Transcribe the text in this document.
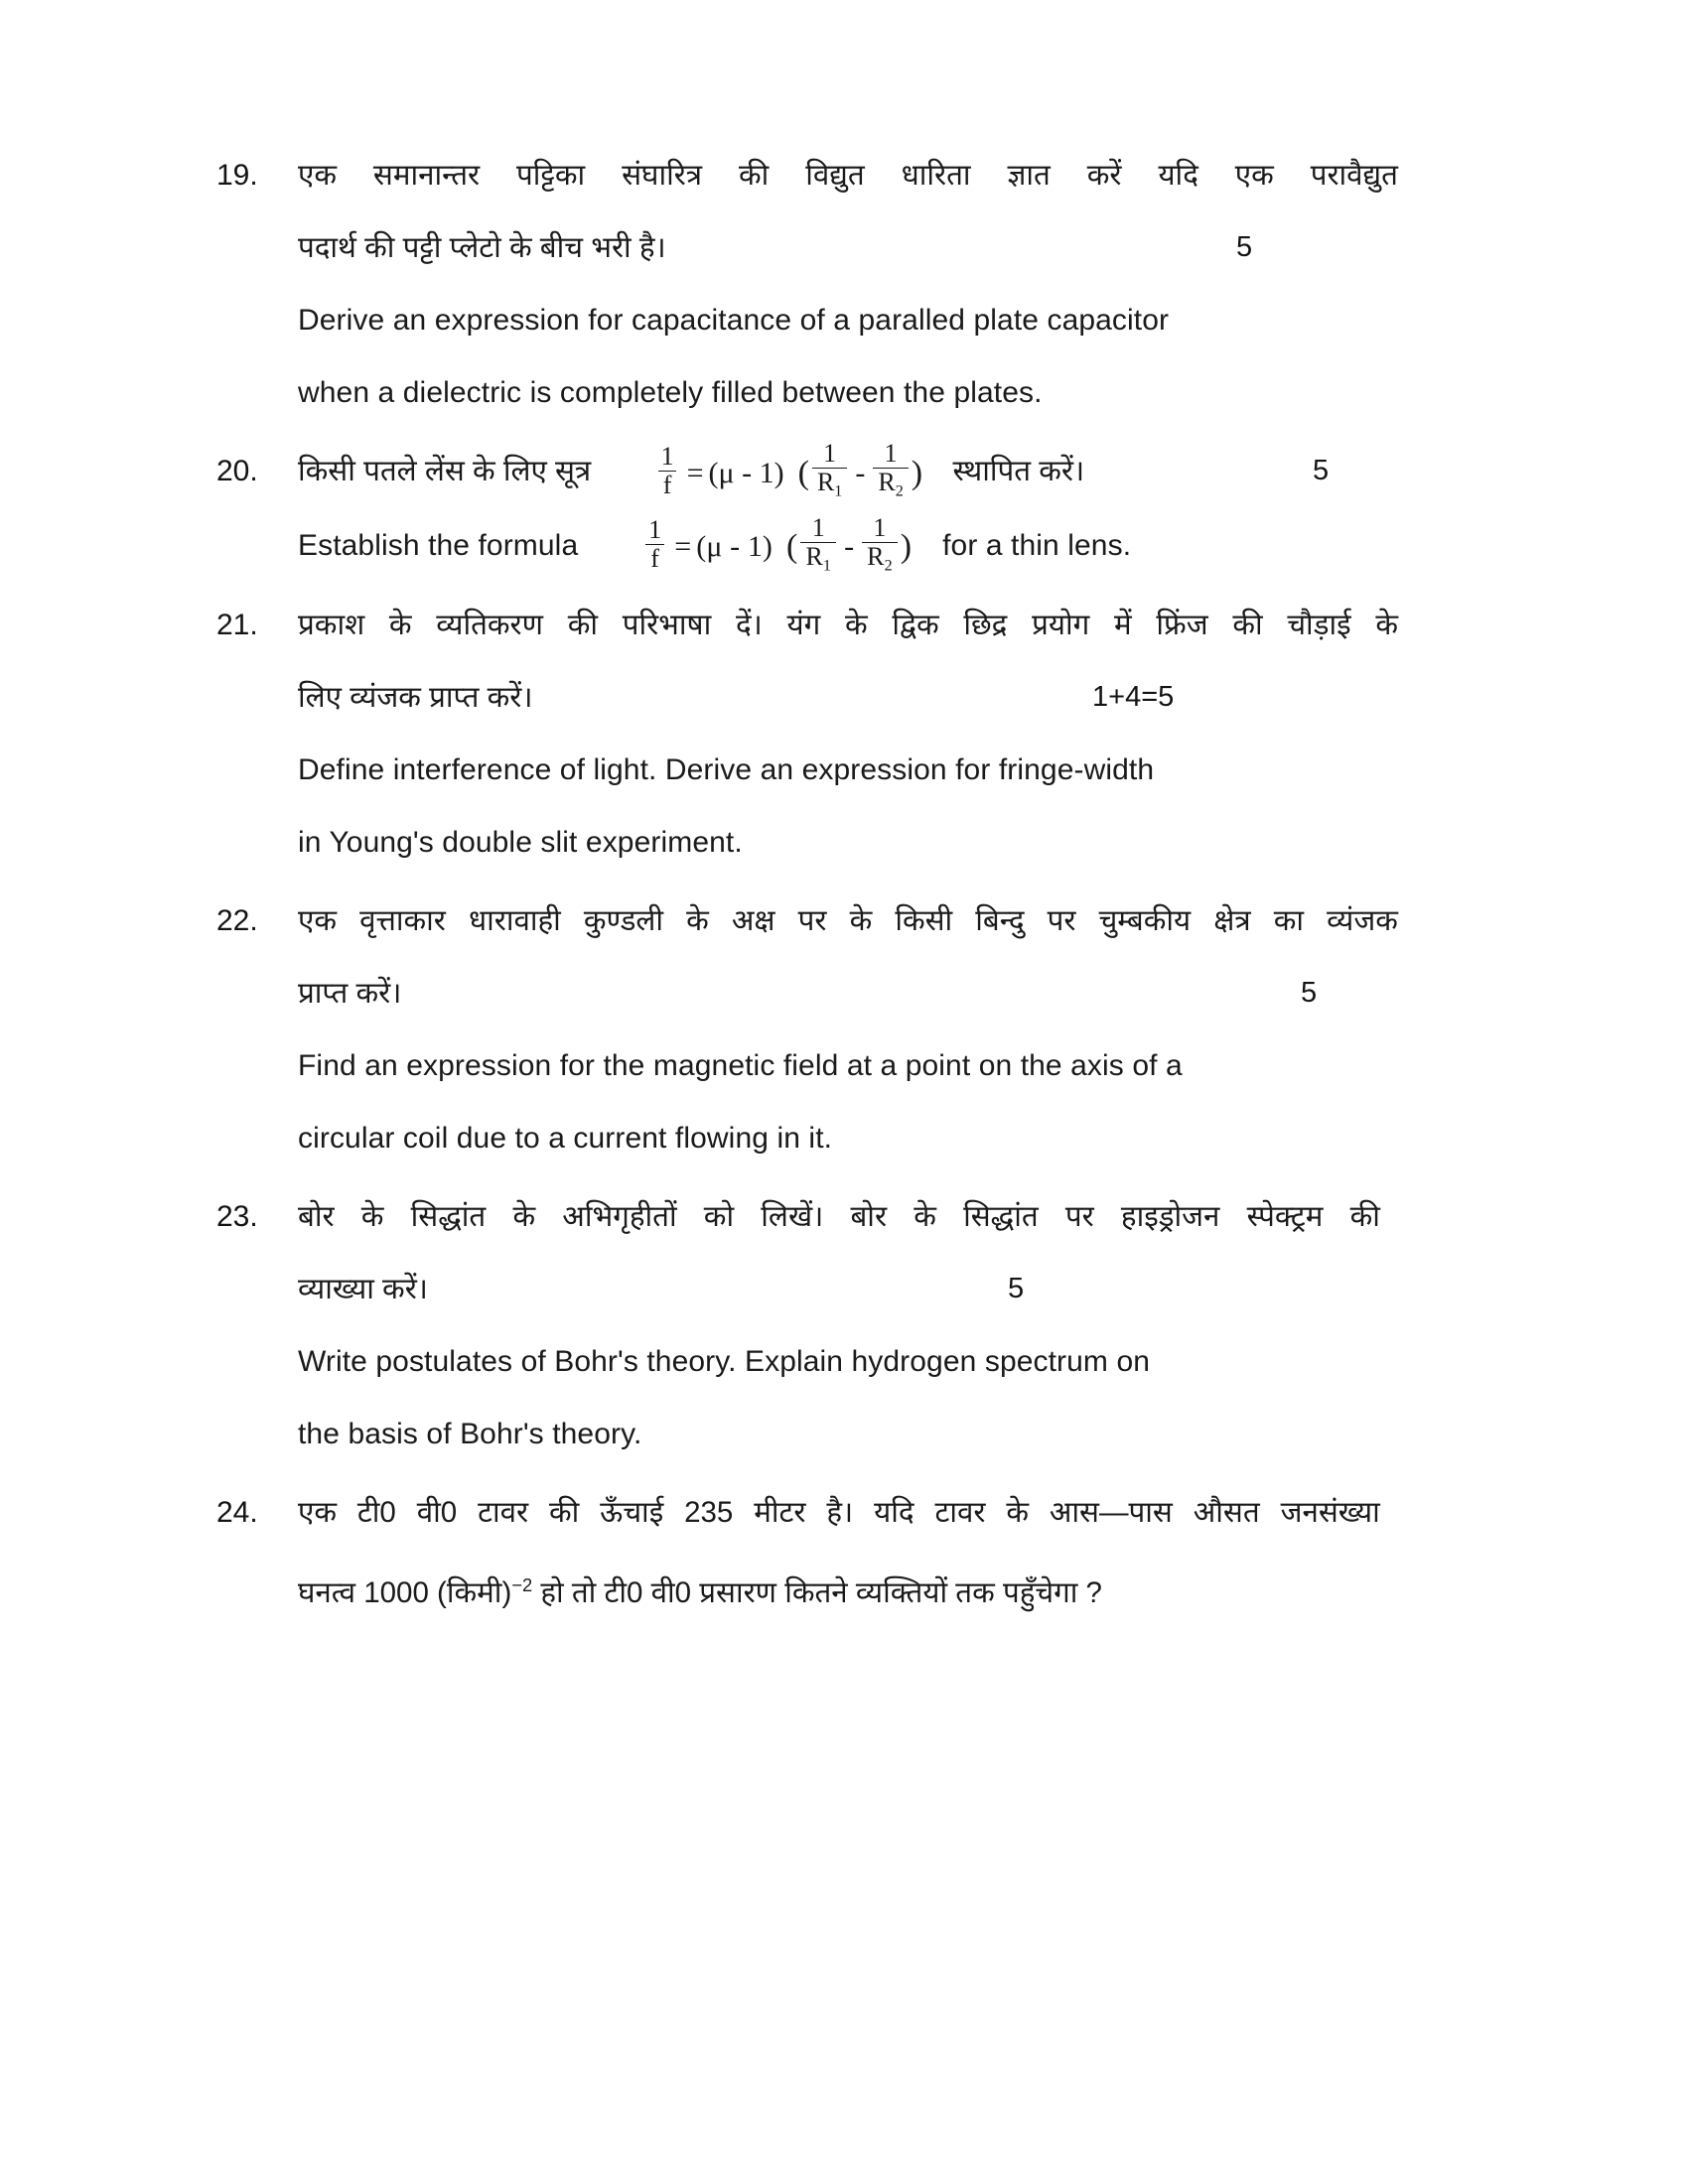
19.	एक समानान्तर पट्टिका संघारित्र की विद्युत धारिता ज्ञात करें यदि एक परावैद्युत
पदार्थ की पट्टी प्लेटो के बीच भरी है।	5
Derive an expression for capacitance of a paralled plate capacitor
when a dielectric is completely filled between the plates.
20.	किसी पतले लेंस के लिए सूत्र	$\frac{1}{f} = (\mu - 1)$ ( $\frac{1}{R_1} - \frac{1}{R_2}$ ) स्थापित करें।	5
Establish the formula	$\frac{1}{f} = (\mu - 1)$ ( $\frac{1}{R_1} - \frac{1}{R_2}$ ) for a thin lens.
21.	प्रकाश के व्यतिकरण की परिभाषा दें। यंग के द्विक छिद्र प्रयोग में फ्रिंज की चौड़ाई के
लिए व्यंजक प्राप्त करें।	1+4=5
Define interference of light. Derive an expression for fringe-width
in Young's double slit experiment.
22.	एक वृत्ताकार धारावाही कुण्डली के अक्ष पर के किसी बिन्दु पर चुम्बकीय क्षेत्र का व्यंजक
प्राप्त करें।	5
Find an expression for the magnetic field at a point on the axis of a
circular coil due to a current flowing in it.
23.	बोर के सिद्धांत के अभिगृहीतों को लिखें। बोर के सिद्धांत पर हाइड्रोजन स्पेक्ट्रम की
व्याख्या करें।	5
Write postulates of Bohr's theory. Explain hydrogen spectrum on
the basis of Bohr's theory.
24.	एक टी0 वी0 टावर की ऊँचाई 235 मीटर है। यदि टावर के आस—पास औसत जनसंख्या
घनत्व 1000 (किमी)$^{-2}$ हो तो टी0 वी0 प्रसारण कितने व्यक्तियों तक पहुँचेगा ?
